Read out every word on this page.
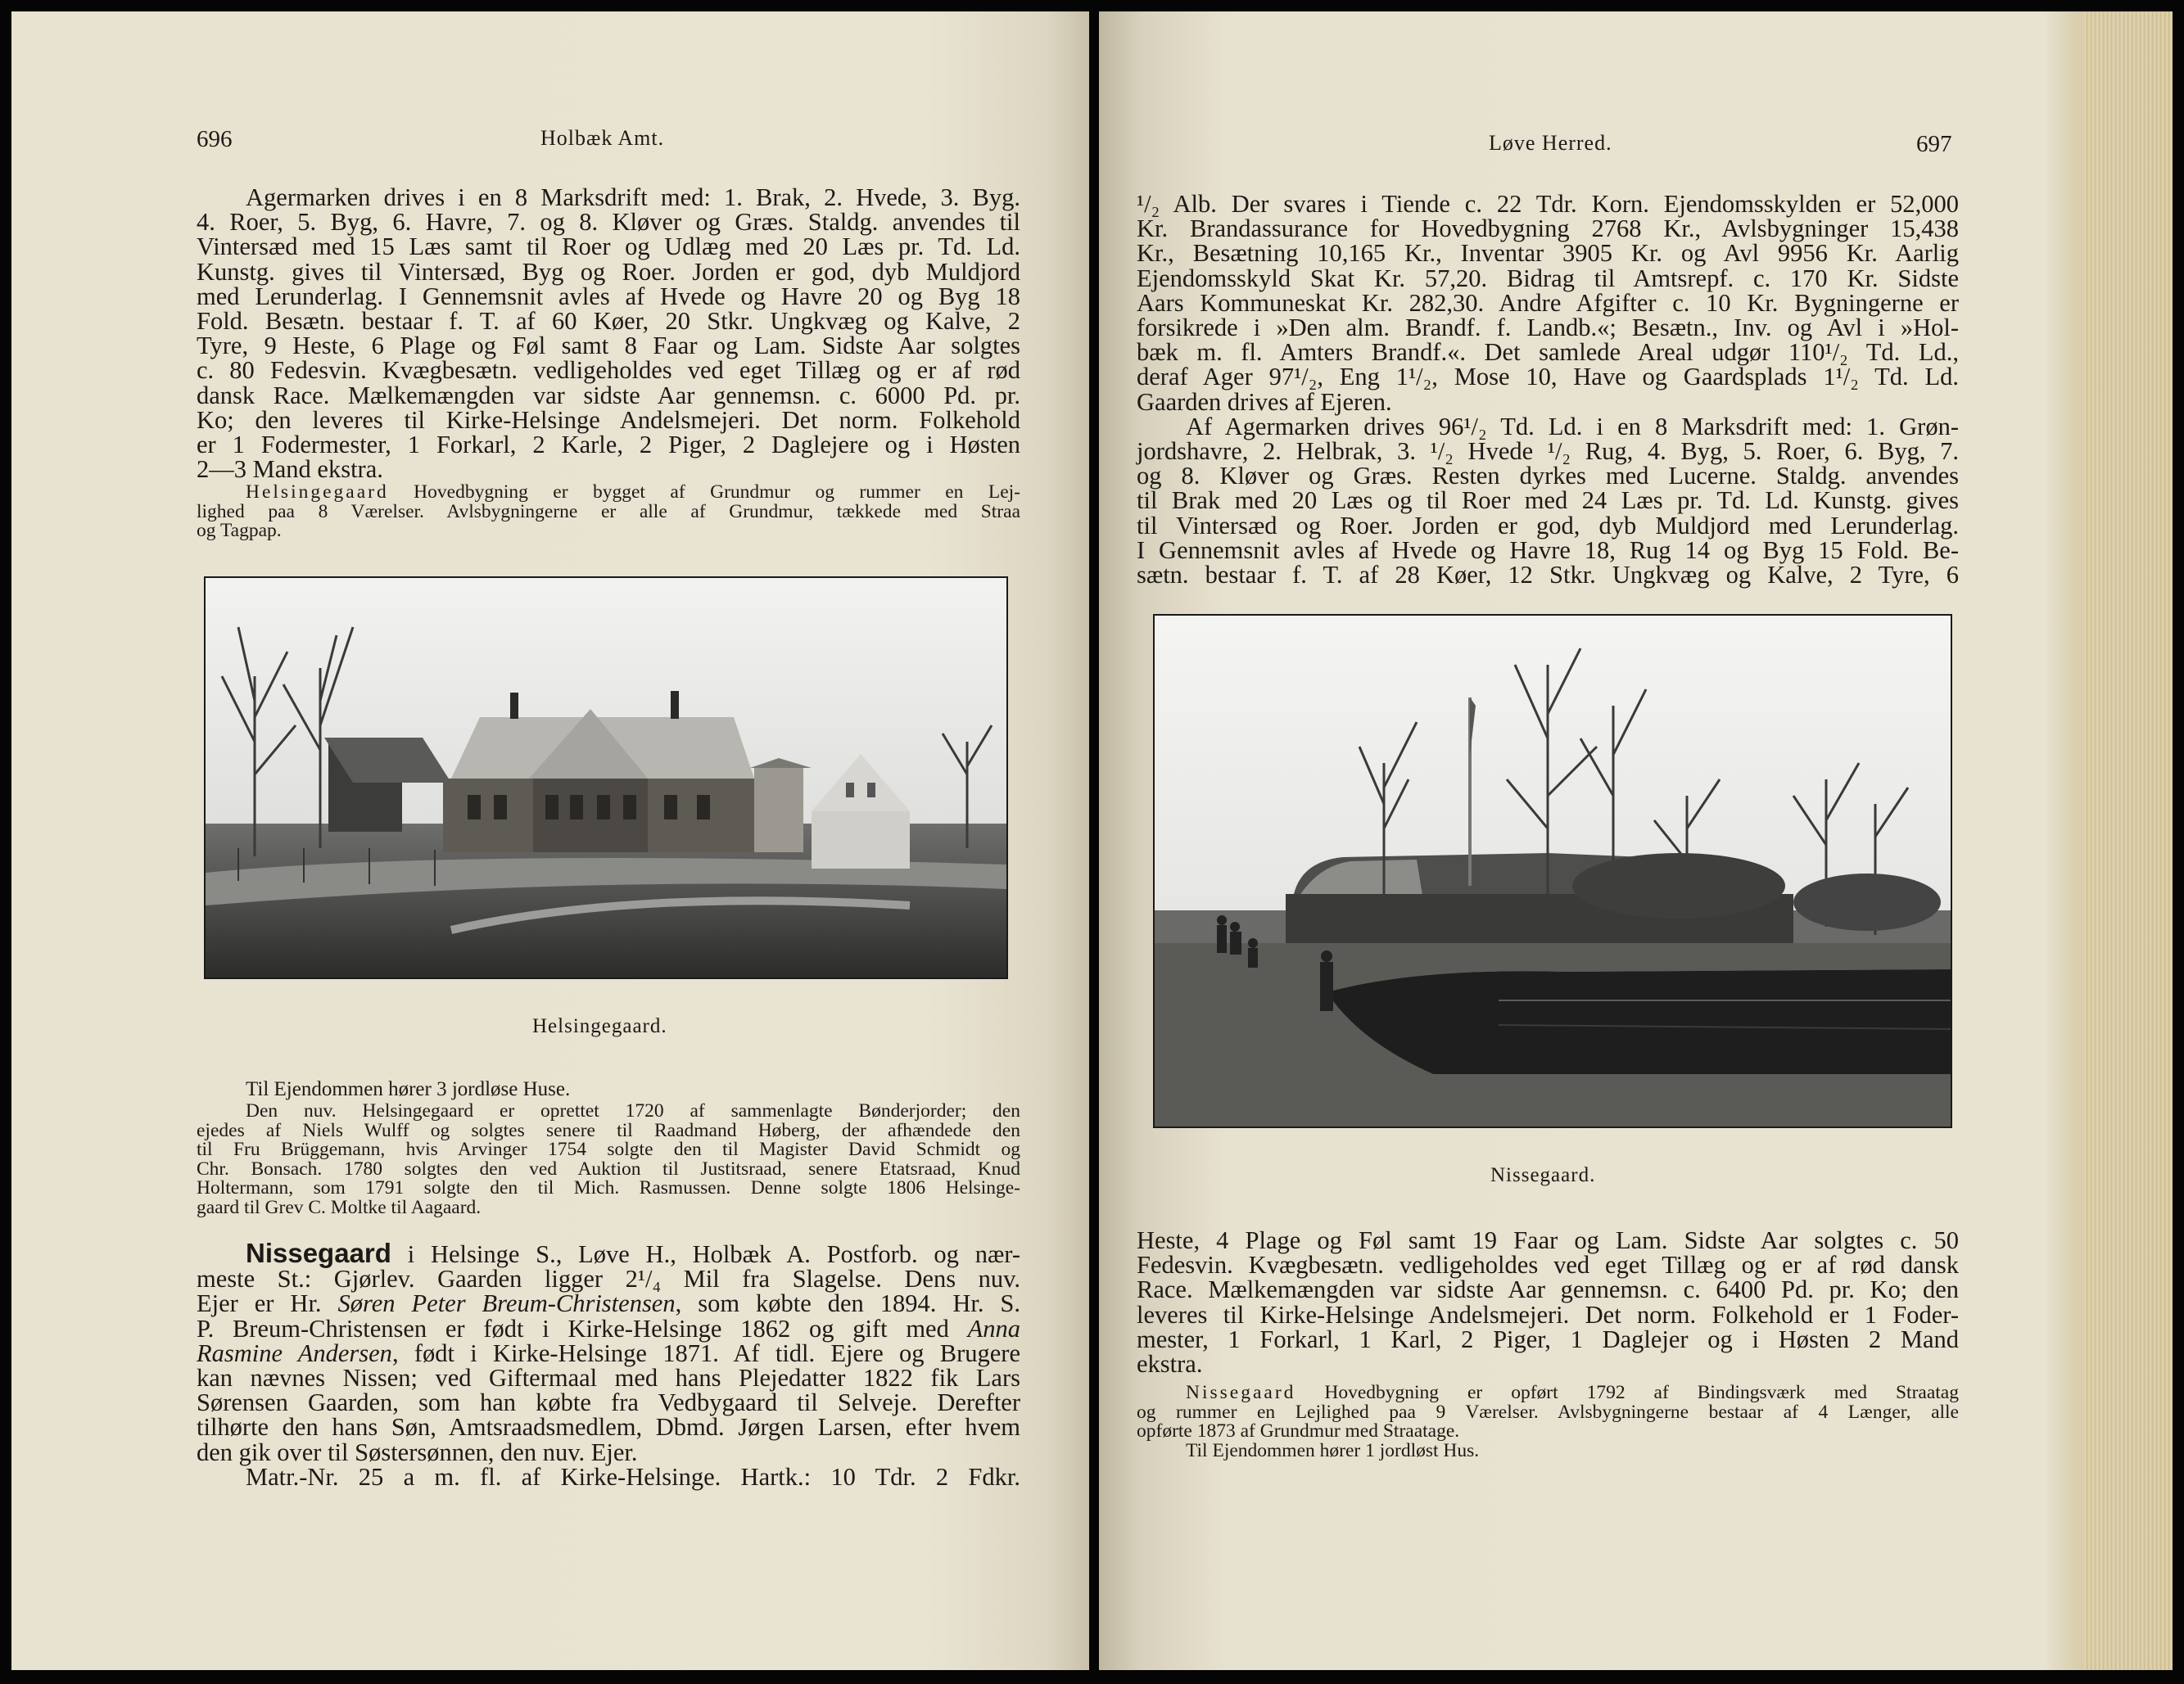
696	Holbæk Amt.
Agermarken drives i en 8 Marksdrift med: 1. Brak, 2. Hvede, 3. Byg.
4. Roer, 5. Byg, 6. Havre, 7. og 8. Kløver og Græs. Staldg. anvendes til
Vintersæd med 15 Læs samt til Roer og Udlæg med 20 Læs pr. Td. Ld.
Kunstg. gives til Vintersæd, Byg og Roer. Jorden er god, dyb Muldjord
med Lerunderlag. I Gennemsnit avles af Hvede og Havre 20 og Byg 18
Fold. Besætn. bestaar f. T. af 60 Køer, 20 Stkr. Ungkvæg og Kalve, 2
Tyre, 9 Heste, 6 Plage og Føl samt 8 Faar og Lam. Sidste Aar solgtes
c. 80 Fedesvin. Kvægbesætn. vedligeholdes ved eget Tillæg og er af rød
dansk Race. Mælkemængden var sidste Aar gennemsn. c. 6000 Pd. pr.
Ko; den leveres til Kirke-Helsinge Andelsmejeri. Det norm. Folkehold
er 1 Fodermester, 1 Forkarl, 2 Karle, 2 Piger, 2 Daglejere og i Høsten
2—3 Mand ekstra.
Helsingegaard Hovedbygning er bygget af Grundmur og rummer en Lej-
lighed paa 8 Værelser. Avlsbygningerne er alle af Grundmur, tækkede med Straa
og Tagpap.
Helsingegaard.
Til Ejendommen hører 3 jordløse Huse.
Den nuv. Helsingegaard er oprettet 1720 af sammenlagte Bønderjorder; den
ejedes af Niels Wulff og solgtes senere til Raadmand Høberg, der afhændede den
til Fru Brüggemann, hvis Arvinger 1754 solgte den til Magister David Schmidt og
Chr. Bonsach. 1780 solgtes den ved Auktion til Justitsraad, senere Etatsraad, Knud
Holtermann, som 1791 solgte den til Mich. Rasmussen. Denne solgte 1806 Helsinge-
gaard til Grev C. Moltke til Aagaard.
Nissegaard i Helsinge S., Løve H., Holbæk A. Postforb. og nær-
meste St.: Gjørlev. Gaarden ligger 2¹/₄ Mil fra Slagelse. Dens nuv.
Ejer er Hr. Søren Peter Breum-Christensen, som købte den 1894. Hr. S.
P. Breum-Christensen er født i Kirke-Helsinge 1862 og gift med Anna
Rasmine Andersen, født i Kirke-Helsinge 1871. Af tidl. Ejere og Brugere
kan nævnes Nissen; ved Giftermaal med hans Plejedatter 1822 fik Lars
Sørensen Gaarden, som han købte fra Vedbygaard til Selveje. Derefter
tilhørte den hans Søn, Amtsraadsmedlem, Dbmd. Jørgen Larsen, efter hvem
den gik over til Søstersønnen, den nuv. Ejer.
Matr.-Nr. 25 a m. fl. af Kirke-Helsinge. Hartk.: 10 Tdr. 2 Fdkr.
Løve Herred.	697
¹/₂ Alb. Der svares i Tiende c. 22 Tdr. Korn. Ejendomsskylden er 52,000
Kr. Brandassurance for Hovedbygning 2768 Kr., Avlsbygninger 15,438
Kr., Besætning 10,165 Kr., Inventar 3905 Kr. og Avl 9956 Kr. Aarlig
Ejendomsskyld Skat Kr. 57,20. Bidrag til Amtsrepf. c. 170 Kr. Sidste
Aars Kommuneskat Kr. 282,30. Andre Afgifter c. 10 Kr. Bygningerne er
forsikrede i »Den alm. Brandf. f. Landb.«; Besætn., Inv. og Avl i »Hol-
bæk m. fl. Amters Brandf.«. Det samlede Areal udgør 110¹/₂ Td. Ld.,
deraf Ager 97¹/₂, Eng 1¹/₂, Mose 10, Have og Gaardsplads 1¹/₂ Td. Ld.
Gaarden drives af Ejeren.
Af Agermarken drives 96¹/₂ Td. Ld. i en 8 Marksdrift med: 1. Grøn-
jordshavre, 2. Helbrak, 3. ¹/₂ Hvede ¹/₂ Rug, 4. Byg, 5. Roer, 6. Byg, 7.
og 8. Kløver og Græs. Resten dyrkes med Lucerne. Staldg. anvendes
til Brak med 20 Læs og til Roer med 24 Læs pr. Td. Ld. Kunstg. gives
til Vintersæd og Roer. Jorden er god, dyb Muldjord med Lerunderlag.
I Gennemsnit avles af Hvede og Havre 18, Rug 14 og Byg 15 Fold. Be-
sætn. bestaar f. T. af 28 Køer, 12 Stkr. Ungkvæg og Kalve, 2 Tyre, 6
Nissegaard.
Heste, 4 Plage og Føl samt 19 Faar og Lam. Sidste Aar solgtes c. 50
Fedesvin. Kvægbesætn. vedligeholdes ved eget Tillæg og er af rød dansk
Race. Mælkemængden var sidste Aar gennemsn. c. 6400 Pd. pr. Ko; den
leveres til Kirke-Helsinge Andelsmejeri. Det norm. Folkehold er 1 Foder-
mester, 1 Forkarl, 1 Karl, 2 Piger, 1 Daglejer og i Høsten 2 Mand
ekstra.
Nissegaard Hovedbygning er opført 1792 af Bindingsværk med Straatag
og rummer en Lejlighed paa 9 Værelser. Avlsbygningerne bestaar af 4 Længer, alle
opførte 1873 af Grundmur med Straatage.
Til Ejendommen hører 1 jordløst Hus.
